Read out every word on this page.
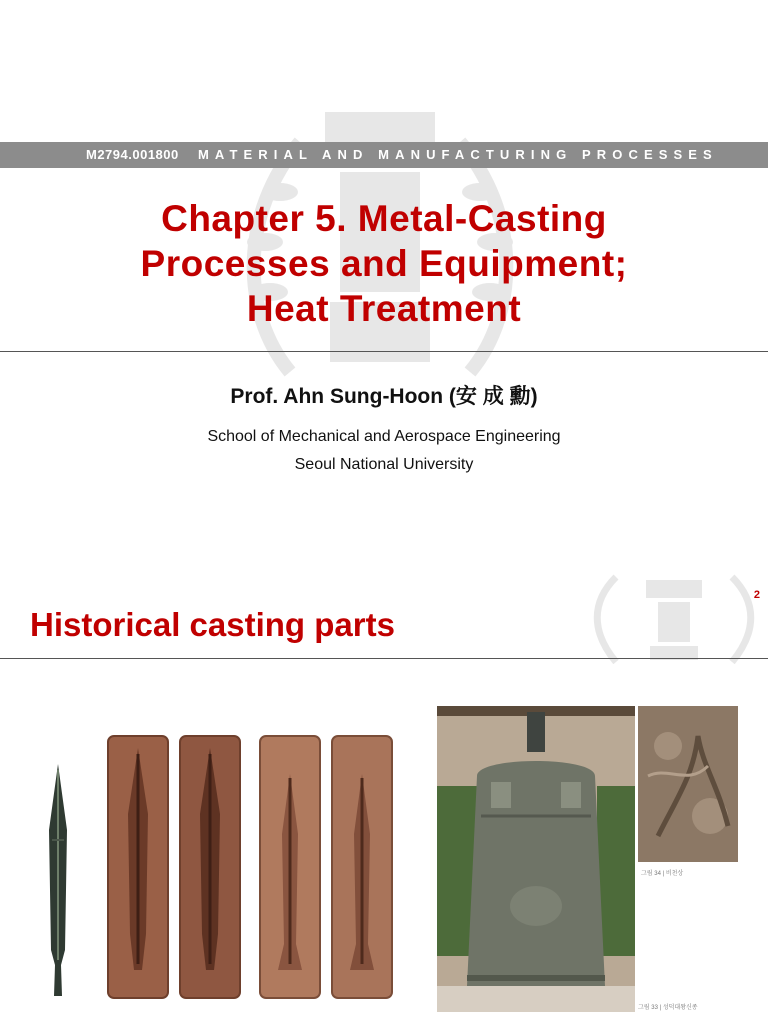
M2794.001800 MATERIAL AND MANUFACTURING PROCESSES
Chapter 5. Metal-Casting
Processes and Equipment;
Heat Treatment
Prof. Ahn Sung-Hoon (安 成 勳)
School of Mechanical and Aerospace Engineering
Seoul National University
2
Historical casting parts
그림 34 | 비천상
그림 33 | 성덕대왕신종
